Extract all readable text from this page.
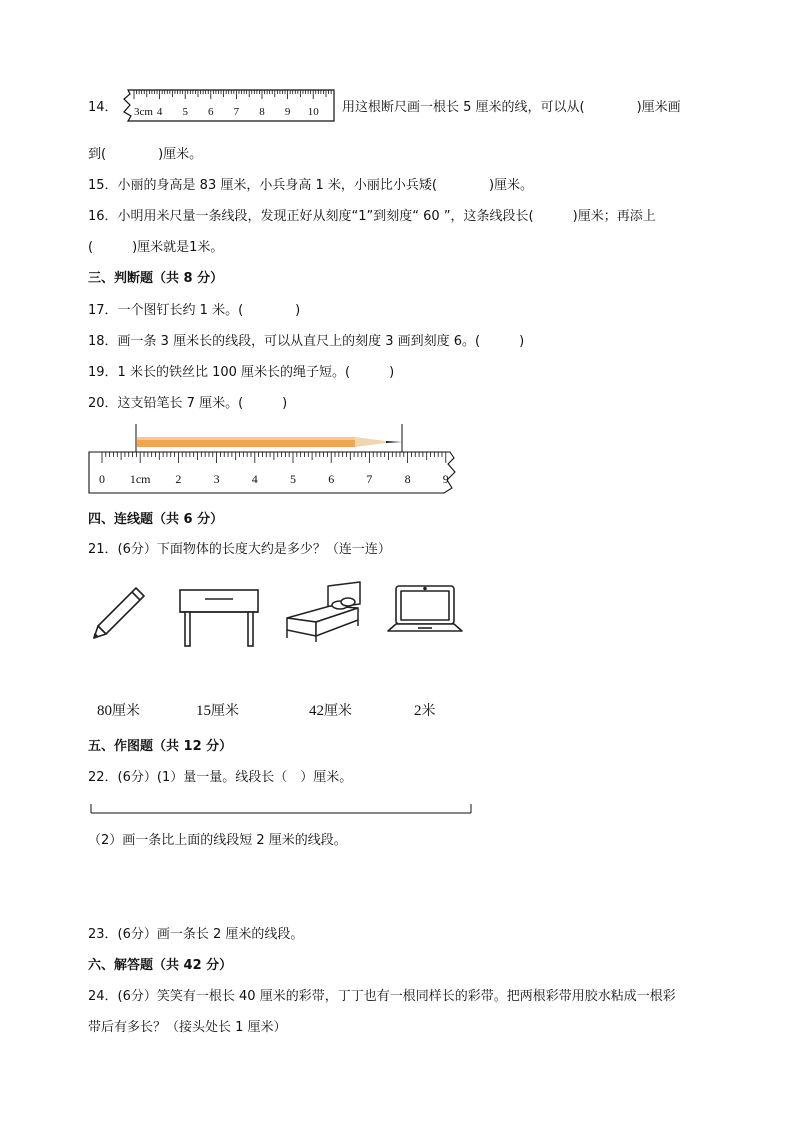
14． 3cm 4 5 6 7 8 9 10 用这根断尺画一根长 5 厘米的线，可以从(　　　　)厘米画
到(　　　　)厘米。
15．小丽的身高是 83 厘米，小兵身高 1 米，小丽比小兵矮(　　　　)厘米。
16．小明用米尺量一条线段，发现正好从刻度“1”到刻度“ 60 ”，这条线段长(　　　)厘米；再添上
(　　　)厘米就是1米。
三、判断题（共 8 分）
17．一个图钉长约 1 米。(　　　　)
18．画一条 3 厘米长的线段，可以从直尺上的刻度 3 画到刻度 6。(　　　)
19．1 米长的铁丝比 100 厘米长的绳子短。(　　　)
20．这支铅笔长 7 厘米。(　　　)
0 1cm 2	3	4	5	6	7	8	9
四、连线题（共 6 分）
21．(6分）下面物体的长度大约是多少？（连一连）
80厘米	15厘米	42厘米	2米
五、作图题（共 12 分）
22．(6分）(1）量一量。线段长（　）厘米。
（2）画一条比上面的线段短 2 厘米的线段。
23．(6分）画一条长 2 厘米的线段。
六、解答题（共 42 分）
24．(6分）笑笑有一根长 40 厘米的彩带，丁丁也有一根同样长的彩带。把两根彩带用胶水粘成一根彩
带后有多长？（接头处长 1 厘米）
